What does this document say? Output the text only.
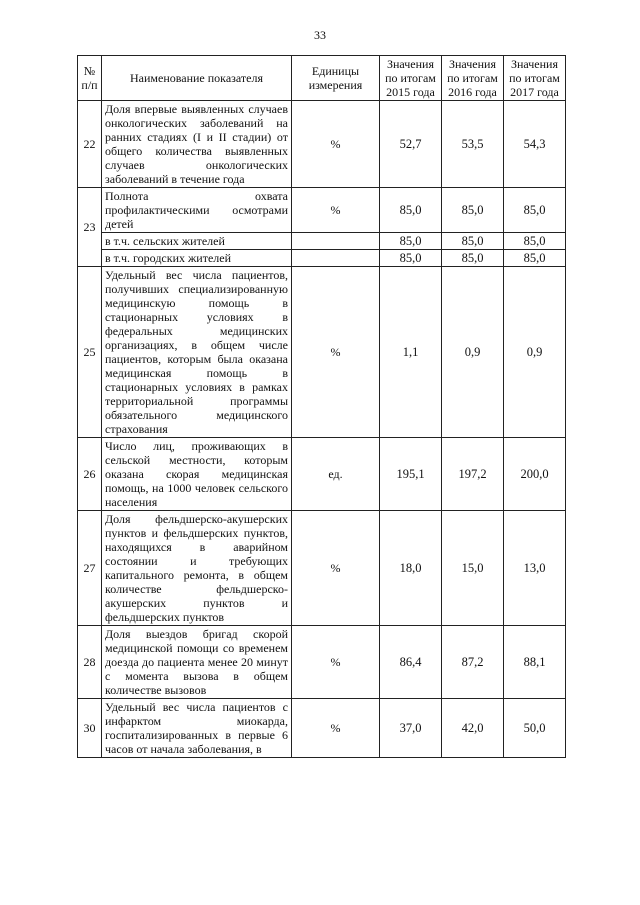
33
№ п/п	Наименование показателя	Единицы измерения	Значения по итогам 2015 года	Значения по итогам 2016 года	Значения по итогам 2017 года
22	Доля впервые выявленных случаев онкологических заболеваний на ранних стадиях (I и II стадии) от общего количества выявленных случаев онкологических заболеваний в течение года	%	52,7	53,5	54,3
23	Полнота охвата профилактическими осмотрами детей	%	85,0	85,0	85,0
	в т.ч. сельских жителей		85,0	85,0	85,0
	в т.ч. городских жителей		85,0	85,0	85,0
25	Удельный вес числа пациентов, получивших специализированную медицинскую помощь в стационарных условиях в федеральных медицинских организациях, в общем числе пациентов, которым была оказана медицинская помощь в стационарных условиях в рамках территориальной программы обязательного медицинского страхования	%	1,1	0,9	0,9
26	Число лиц, проживающих в сельской местности, которым оказана скорая медицинская помощь, на 1000 человек сельского населения	ед.	195,1	197,2	200,0
27	Доля фельдшерско-акушерских пунктов и фельдшерских пунктов, находящихся в аварийном состоянии и требующих капитального ремонта, в общем количестве фельдшерско-акушерских пунктов и фельдшерских пунктов	%	18,0	15,0	13,0
28	Доля выездов бригад скорой медицинской помощи со временем доезда до пациента менее 20 минут с момента вызова в общем количестве вызовов	%	86,4	87,2	88,1
30	Удельный вес числа пациентов с инфарктом миокарда, госпитализированных в первые 6 часов от начала заболевания, в	%	37,0	42,0	50,0
